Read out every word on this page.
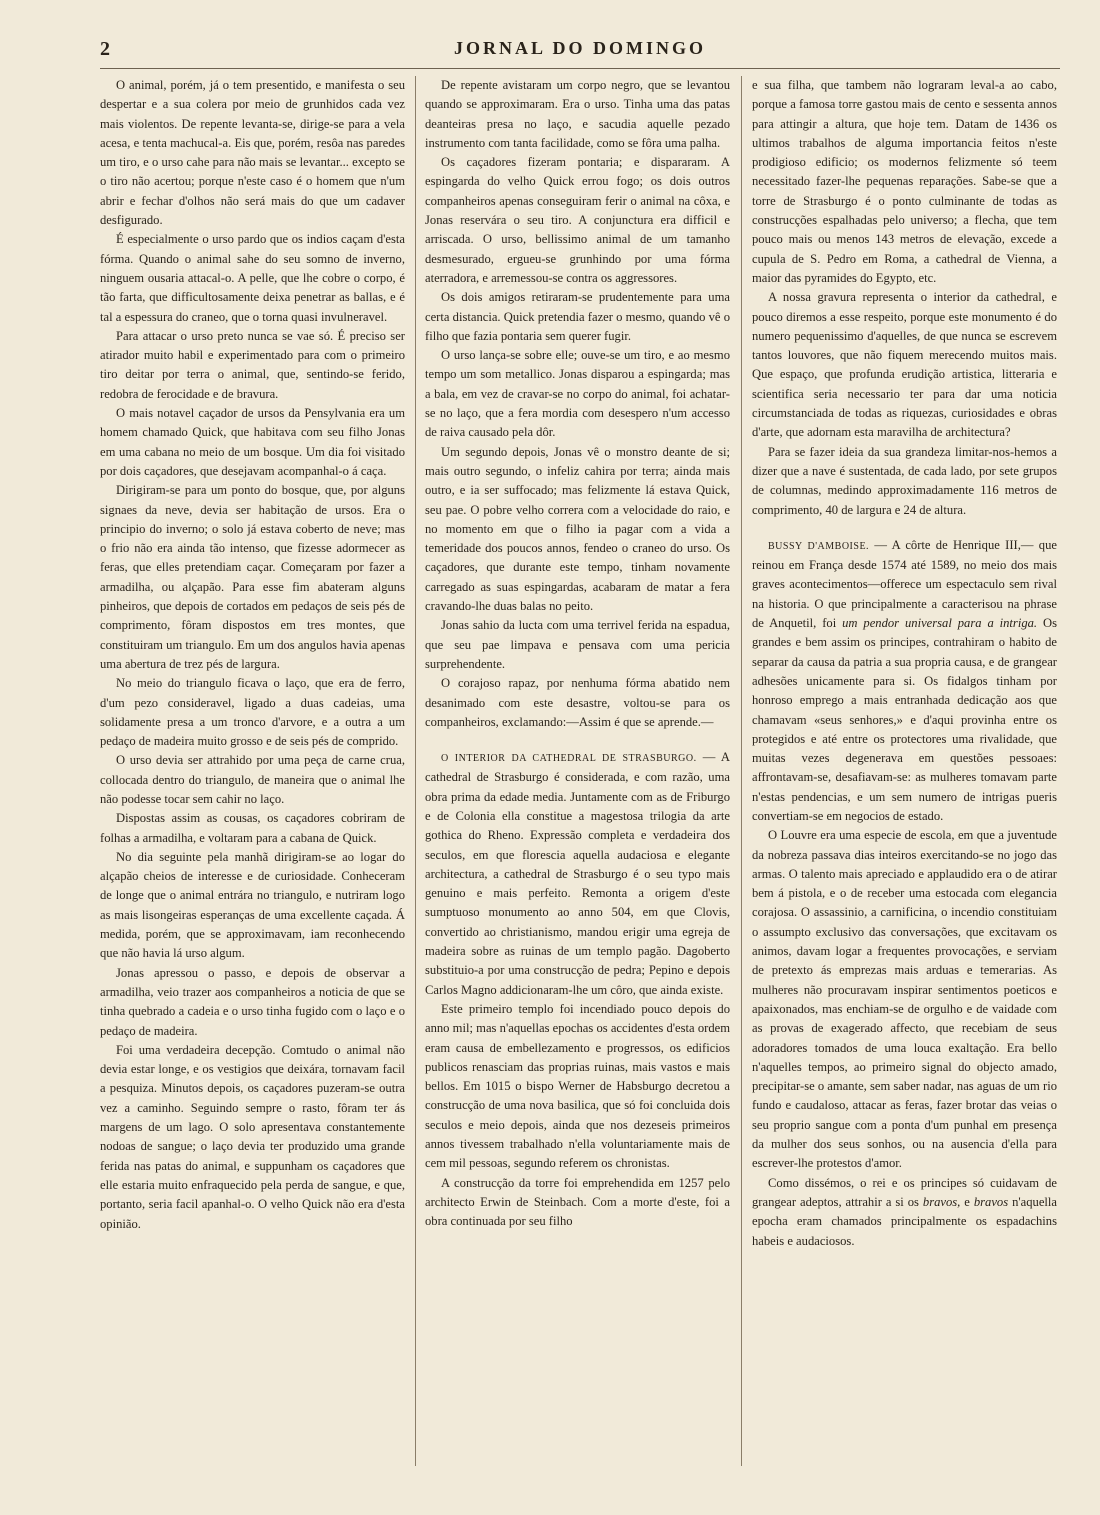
2	JORNAL DO DOMINGO

O animal, porém, já o tem presentido, e manifesta o seu despertar e a sua colera por meio de grunhidos cada vez mais violentos. De repente levanta-se, dirige-se para a vela acesa, e tenta machucal-a. Eis que, porém, resôa nas paredes um tiro, e o urso cahe para não mais se levantar... excepto se o tiro não acertou; porque n'este caso é o homem que n'um abrir e fechar d'olhos não será mais do que um cadaver desfigurado.

É especialmente o urso pardo que os indios caçam d'esta fórma. Quando o animal sahe do seu somno de inverno, ninguem ousaria attacal-o. A pelle, que lhe cobre o corpo, é tão farta, que difficultosamente deixa penetrar as ballas, e é tal a espessura do craneo, que o torna quasi invulneravel.

Para attacar o urso preto nunca se vae só. É preciso ser atirador muito habil e experimentado para com o primeiro tiro deitar por terra o animal, que, sentindo-se ferido, redobra de ferocidade e de bravura.

O mais notavel caçador de ursos da Pensylvania era um homem chamado Quick, que habitava com seu filho Jonas em uma cabana no meio de um bosque. Um dia foi visitado por dois caçadores, que desejavam acompanhal-o á caça.

Dirigiram-se para um ponto do bosque, que, por alguns signaes da neve, devia ser habitação de ursos. Era o principio do inverno; o solo já estava coberto de neve; mas o frio não era ainda tão intenso, que fizesse adormecer as feras, que elles pretendiam caçar. Começaram por fazer a armadilha, ou alçapão. Para esse fim abateram alguns pinheiros, que depois de cortados em pedaços de seis pés de comprimento, fôram dispostos em tres montes, que constituiram um triangulo. Em um dos angulos havia apenas uma abertura de trez pés de largura.

No meio do triangulo ficava o laço, que era de ferro, d'um pezo consideravel, ligado a duas cadeias, uma solidamente presa a um tronco d'arvore, e a outra a um pedaço de madeira muito grosso e de seis pés de comprido.

O urso devia ser attrahido por uma peça de carne crua, collocada dentro do triangulo, de maneira que o animal lhe não podesse tocar sem cahir no laço.

Dispostas assim as cousas, os caçadores cobriram de folhas a armadilha, e voltaram para a cabana de Quick.

No dia seguinte pela manhã dirigiram-se ao logar do alçapão cheios de interesse e de curiosidade. Conheceram de longe que o animal entrára no triangulo, e nutriram logo as mais lisongeiras esperanças de uma excellente caçada. Á medida, porém, que se approximavam, iam reconhecendo que não havia lá urso algum.

Jonas apressou o passo, e depois de observar a armadilha, veio trazer aos companheiros a noticia de que se tinha quebrado a cadeia e o urso tinha fugido com o laço e o pedaço de madeira.

Foi uma verdadeira decepção. Comtudo o animal não devia estar longe, e os vestigios que deixára, tornavam facil a pesquiza. Minutos depois, os caçadores puzeram-se outra vez a caminho. Seguindo sempre o rasto, fôram ter ás margens de um lago. O solo apresentava constantemente nodoas de sangue; o laço devia ter produzido uma grande ferida nas patas do animal, e suppunham os caçadores que elle estaria muito enfraquecido pela perda de sangue, e que, portanto, seria facil apanhal-o. O velho Quick não era d'esta opinião.

De repente avistaram um corpo negro, que se levantou quando se approximaram. Era o urso. Tinha uma das patas deanteiras presa no laço, e sacudia aquelle pezado instrumento com tanta facilidade, como se fôra uma palha.

Os caçadores fizeram pontaria; e dispararam. A espingarda do velho Quick errou fogo; os dois outros companheiros apenas conseguiram ferir o animal na côxa, e Jonas reservára o seu tiro. A conjunctura era difficil e arriscada. O urso, bellissimo animal de um tamanho desmesurado, ergueu-se grunhindo por uma fórma aterradora, e arremessou-se contra os aggressores.

Os dois amigos retiraram-se prudentemente para uma certa distancia. Quick pretendia fazer o mesmo, quando vê o filho que fazia pontaria sem querer fugir.

O urso lança-se sobre elle; ouve-se um tiro, e ao mesmo tempo um som metallico. Jonas disparou a espingarda; mas a bala, em vez de cravar-se no corpo do animal, foi achatar-se no laço, que a fera mordia com desespero n'um accesso de raiva causado pela dôr.

Um segundo depois, Jonas vê o monstro deante de si; mais outro segundo, o infeliz cahira por terra; ainda mais outro, e ia ser suffocado; mas felizmente lá estava Quick, seu pae. O pobre velho correra com a velocidade do raio, e no momento em que o filho ia pagar com a vida a temeridade dos poucos annos, fendeo o craneo do urso. Os caçadores, que durante este tempo, tinham novamente carregado as suas espingardas, acabaram de matar a fera cravando-lhe duas balas no peito.

Jonas sahio da lucta com uma terrivel ferida na espadua, que seu pae limpava e pensava com uma pericia surprehendente.

O corajoso rapaz, por nenhuma fórma abatido nem desanimado com este desastre, voltou-se para os companheiros, exclamando:—Assim é que se aprende.—

O INTERIOR DA CATHEDRAL DE STRASBURGO. — A cathedral de Strasburgo é considerada, e com razão, uma obra prima da edade media. Juntamente com as de Friburgo e de Colonia ella constitue a magestosa trilogia da arte gothica do Rheno. Expressão completa e verdadeira dos seculos, em que florescia aquella audaciosa e elegante architectura, a cathedral de Strasburgo é o seu typo mais genuino e mais perfeito. Remonta a origem d'este sumptuoso monumento ao anno 504, em que Clovis, convertido ao christianismo, mandou erigir uma egreja de madeira sobre as ruinas de um templo pagão. Dagoberto substituio-a por uma construcção de pedra; Pepino e depois Carlos Magno addicionaram-lhe um côro, que ainda existe.

Este primeiro templo foi incendiado pouco depois do anno mil; mas n'aquellas epochas os accidentes d'esta ordem eram causa de embellezamento e progressos, os edificios publicos renasciam das proprias ruinas, mais vastos e mais bellos. Em 1015 o bispo Werner de Habsburgo decretou a construcção de uma nova basilica, que só foi concluida dois seculos e meio depois, ainda que nos dezeseis primeiros annos tivessem trabalhado n'ella voluntariamente mais de cem mil pessoas, segundo referem os chronistas.

A construcção da torre foi emprehendida em 1257 pelo architecto Erwin de Steinbach. Com a morte d'este, foi a obra continuada por seu filho

e sua filha, que tambem não lograram leval-a ao cabo, porque a famosa torre gastou mais de cento e sessenta annos para attingir a altura, que hoje tem. Datam de 1436 os ultimos trabalhos de alguma importancia feitos n'este prodigioso edificio; os modernos felizmente só teem necessitado fazer-lhe pequenas reparações. Sabe-se que a torre de Strasburgo é o ponto culminante de todas as construcções espalhadas pelo universo; a flecha, que tem pouco mais ou menos 143 metros de elevação, excede a cupula de S. Pedro em Roma, a cathedral de Vienna, a maior das pyramides do Egypto, etc.

A nossa gravura representa o interior da cathedral, e pouco diremos a esse respeito, porque este monumento é do numero pequenissimo d'aquelles, de que nunca se escrevem tantos louvores, que não fiquem merecendo muitos mais. Que espaço, que profunda erudição artistica, litteraria e scientifica seria necessario ter para dar uma noticia circumstanciada de todas as riquezas, curiosidades e obras d'arte, que adornam esta maravilha de architectura?

Para se fazer ideia da sua grandeza limitar-nos-hemos a dizer que a nave é sustentada, de cada lado, por sete grupos de columnas, medindo approximadamente 116 metros de comprimento, 40 de largura e 24 de altura.

BUSSY D'AMBOISE. — A côrte de Henrique III,— que reinou em França desde 1574 até 1589, no meio dos mais graves acontecimentos—offerece um espectaculo sem rival na historia. O que principalmente a caracterisou na phrase de Anquetil, foi um pendor universal para a intriga. Os grandes e bem assim os principes, contrahiram o habito de separar da causa da patria a sua propria causa, e de grangear adhesões unicamente para si. Os fidalgos tinham por honroso emprego a mais entranhada dedicação aos que chamavam «seus senhores,» e d'aqui provinha entre os protegidos e até entre os protectores uma rivalidade, que muitas vezes degenerava em questões pessoaes: affrontavam-se, desafiavam-se: as mulheres tomavam parte n'estas pendencias, e um sem numero de intrigas pueris convertiam-se em negocios de estado.

O Louvre era uma especie de escola, em que a juventude da nobreza passava dias inteiros exercitando-se no jogo das armas. O talento mais apreciado e applaudido era o de atirar bem á pistola, e o de receber uma estocada com elegancia corajosa. O assassinio, a carnificina, o incendio constituiam o assumpto exclusivo das conversações, que excitavam os animos, davam logar a frequentes provocações, e serviam de pretexto ás emprezas mais arduas e temerarias. As mulheres não procuravam inspirar sentimentos poeticos e apaixonados, mas enchiam-se de orgulho e de vaidade com as provas de exagerado affecto, que recebiam de seus adoradores tomados de uma louca exaltação. Era bello n'aquelles tempos, ao primeiro signal do objecto amado, precipitar-se o amante, sem saber nadar, nas aguas de um rio fundo e caudaloso, attacar as feras, fazer brotar das veias o seu proprio sangue com a ponta d'um punhal em presença da mulher dos seus sonhos, ou na ausencia d'ella para escrever-lhe protestos d'amor.

Como dissémos, o rei e os principes só cuidavam de grangear adeptos, attrahir a si os bravos, e bravos n'aquella epocha eram chamados principalmente os espadachins habeis e audaciosos.
